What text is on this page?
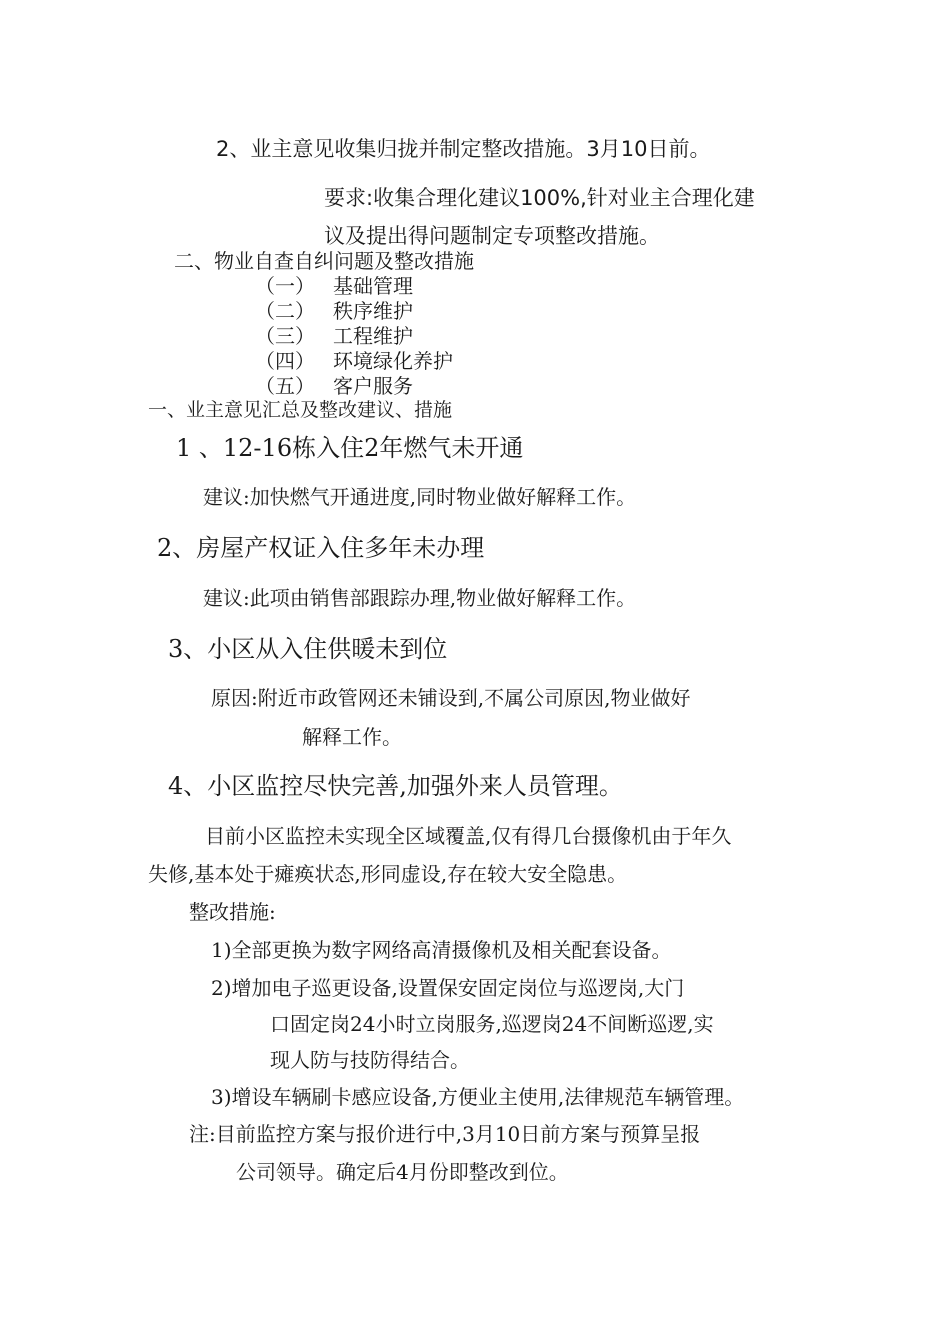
2、业主意见收集归拢并制定整改措施。3月10日前。
要求:收集合理化建议100%,针对业主合理化建
议及提出得问题制定专项整改措施。
二、物业自查自纠问题及整改措施
（一） 基础管理
（二） 秩序维护
（三） 工程维护
（四） 环境绿化养护
（五） 客户服务
一、业主意见汇总及整改建议、措施
1 、12-16栋入住2年燃气未开通
建议:加快燃气开通进度,同时物业做好解释工作。
2、房屋产权证入住多年未办理
建议:此项由销售部跟踪办理,物业做好解释工作。
3、小区从入住供暖未到位
原因:附近市政管网还未铺设到,不属公司原因,物业做好
解释工作。
4、小区监控尽快完善,加强外来人员管理。
目前小区监控未实现全区域覆盖,仅有得几台摄像机由于年久
失修,基本处于瘫痪状态,形同虚设,存在较大安全隐患。
整改措施:
1)全部更换为数字网络高清摄像机及相关配套设备。
2)增加电子巡更设备,设置保安固定岗位与巡逻岗,大门
口固定岗24小时立岗服务,巡逻岗24不间断巡逻,实
现人防与技防得结合。
3)增设车辆刷卡感应设备,方便业主使用,法律规范车辆管理。
注:目前监控方案与报价进行中,3月10日前方案与预算呈报
公司领导。确定后4月份即整改到位。
